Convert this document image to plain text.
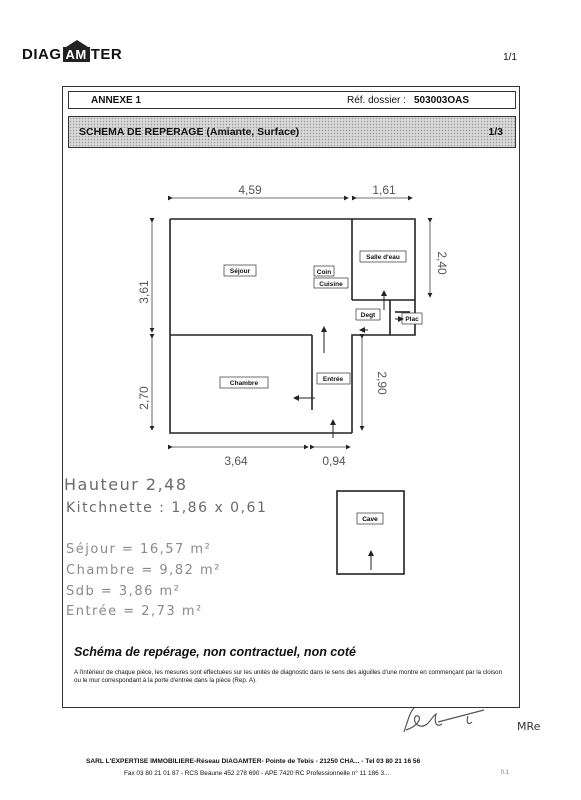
DIAG AM TER	1/1
ANNEXE 1	Réf. dossier : 503003OAS
SCHEMA DE REPERAGE (Amiante, Surface)	1/3
4,59	1,61
3,61
2,70
2,40
2,90
3,64	0,94
Séjour	Coin
Cuisine
Salle d'eau
Degt
Plac
Chambre
Entrée
Cave
Hauteur 2,48
Kitchnette : 1,86 x 0,61
Séjour = 16,57 m²
Chambre = 9,82 m²
Sdb = 3,86 m²
Entrée = 2,73 m²
Schéma de repérage, non contractuel, non coté
A l'intérieur de chaque pièce, les mesures sont effectuées sur les unités de diagnostic dans le sens des aiguilles d'une montre en commençant par la cloison ou le mur correspondant à la porte d'entrée dans la pièce (Rep. A).
MRe
SARL L'EXPERTISE IMMOBILIERE-Réseau DIAGAMTER- Pointe de Tebis - 21250 CHA... - Tel 03 80 21 16 56
Fax 03 80 21 01 87 - RCS Beaune 452 278 690 - APE 7420 RC Professionnelle n° 11 186 3...	0.1
